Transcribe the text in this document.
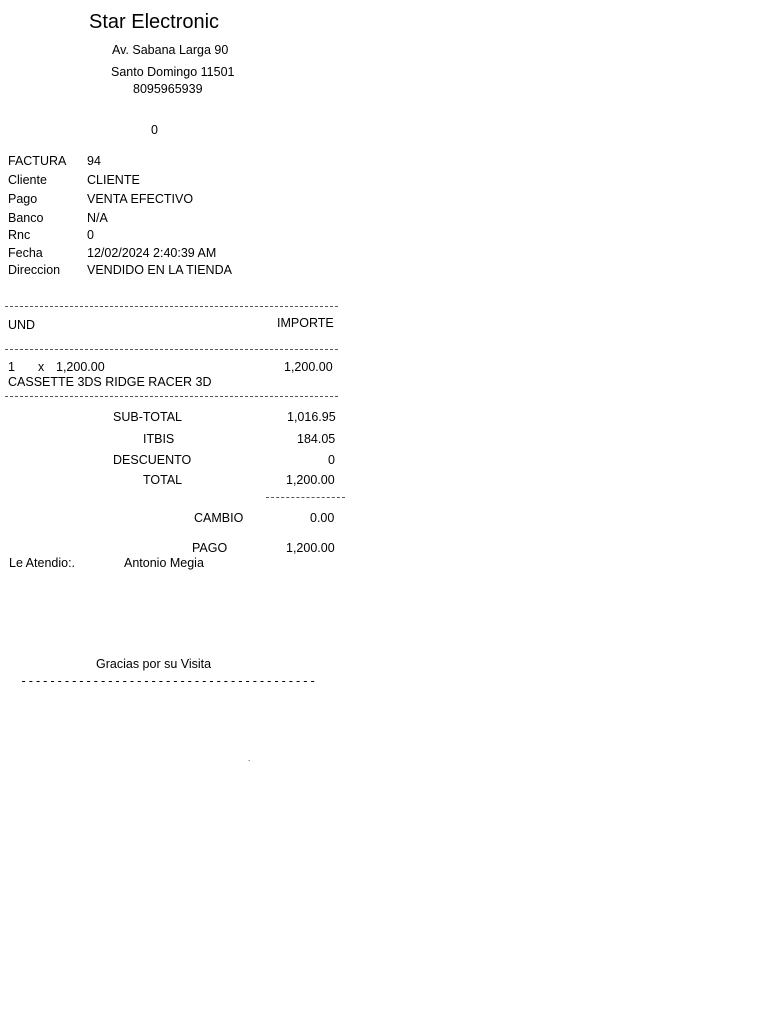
Star Electronic
Av. Sabana Larga 90
Santo Domingo 11501
8095965939
0
FACTURA 94
Cliente	CLIENTE
Pago	VENTA EFECTIVO
Banco	N/A
Rnc	0
Fecha	12/02/2024 2:40:39 AM
Direccion VENDIDO EN LA TIENDA
UND	IMPORTE
1 x 1,200.00	1,200.00
CASSETTE 3DS RIDGE RACER 3D
SUB-TOTAL	1,016.95
ITBIS	184.05
DESCUENTO	0
TOTAL	1,200.00
CAMBIO	0.00
PAGO	1,200.00
Le Atendio:.	Antonio Megia
Gracias por su Visita
-----------------------------------------
.
